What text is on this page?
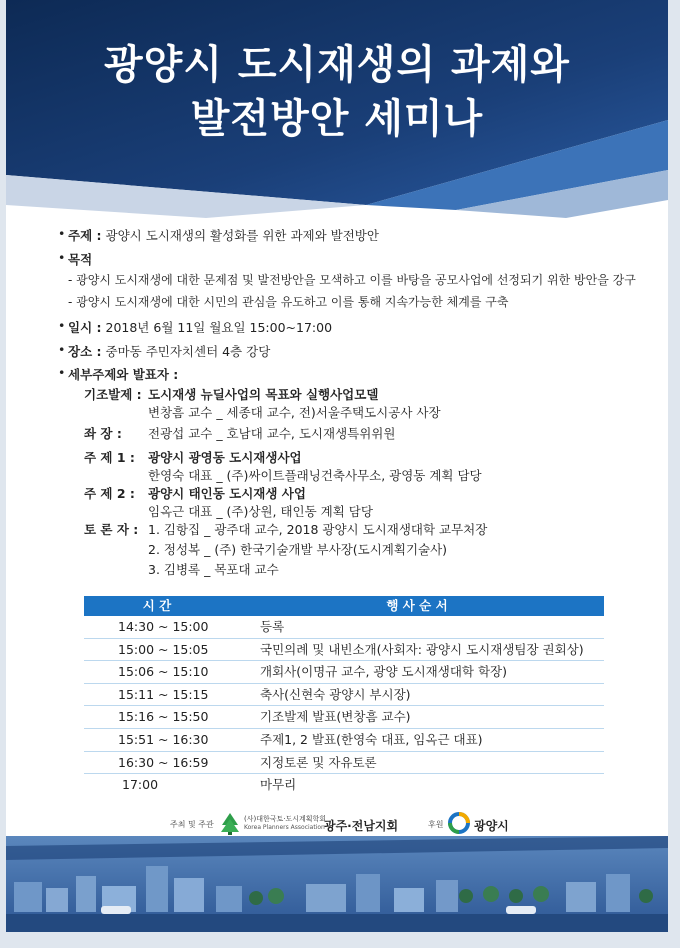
광양시 도시재생의 과제와
발전방안 세미나
• 주제 : 광양시 도시재생의 활성화를 위한 과제와 발전방안
• 목적
- 광양시 도시재생에 대한 문제점 및 발전방안을 모색하고 이를 바탕을 공모사업에 선정되기 위한 방안을 강구
- 광양시 도시재생에 대한 시민의 관심을 유도하고 이를 통해 지속가능한 체계를 구축
• 일시 : 2018년 6월 11일 월요일 15:00~17:00
• 장소 : 중마동 주민자치센터 4층 강당
• 세부주제와 발표자 :
기조발제 : 도시재생 뉴딜사업의 목표와 실행사업모델
변창흠 교수 _ 세종대 교수, 전)서울주택도시공사 사장
좌 장 : 전광섭 교수 _ 호남대 교수, 도시재생특위위원
주 제 1 : 광양시 광영동 도시재생사업
한영숙 대표 _ (주)싸이트플래닝건축사무소, 광영동 계획 담당
주 제 2 : 광양시 태인동 도시재생 사업
임옥근 대표 _ (주)상원, 태인동 계획 담당
토 론 자 : 1. 김항집 _ 광주대 교수, 2018 광양시 도시재생대학 교무처장
2. 정성복 _ (주) 한국기술개발 부사장(도시계획기술사)
3. 김병록 _ 목포대 교수
시 간	행 사 순 서
14:30 ~ 15:00	등록
15:00 ~ 15:05	국민의례 및 내빈소개(사회자: 광양시 도시재생팀장 권회상)
15:06 ~ 15:10	개회사(이명규 교수, 광양 도시재생대학 학장)
15:11 ~ 15:15	축사(신현숙 광양시 부시장)
15:16 ~ 15:50	기조발제 발표(변창흠 교수)
15:51 ~ 16:30	주제1, 2 발표(한영숙 대표, 임옥근 대표)
16:30 ~ 16:59	지정토론 및 자유토론
17:00	마무리
주최 및 주관
(사)대한국토·도시계획학회
Korea Planners Association 광주·전남지회	후원	광양시
